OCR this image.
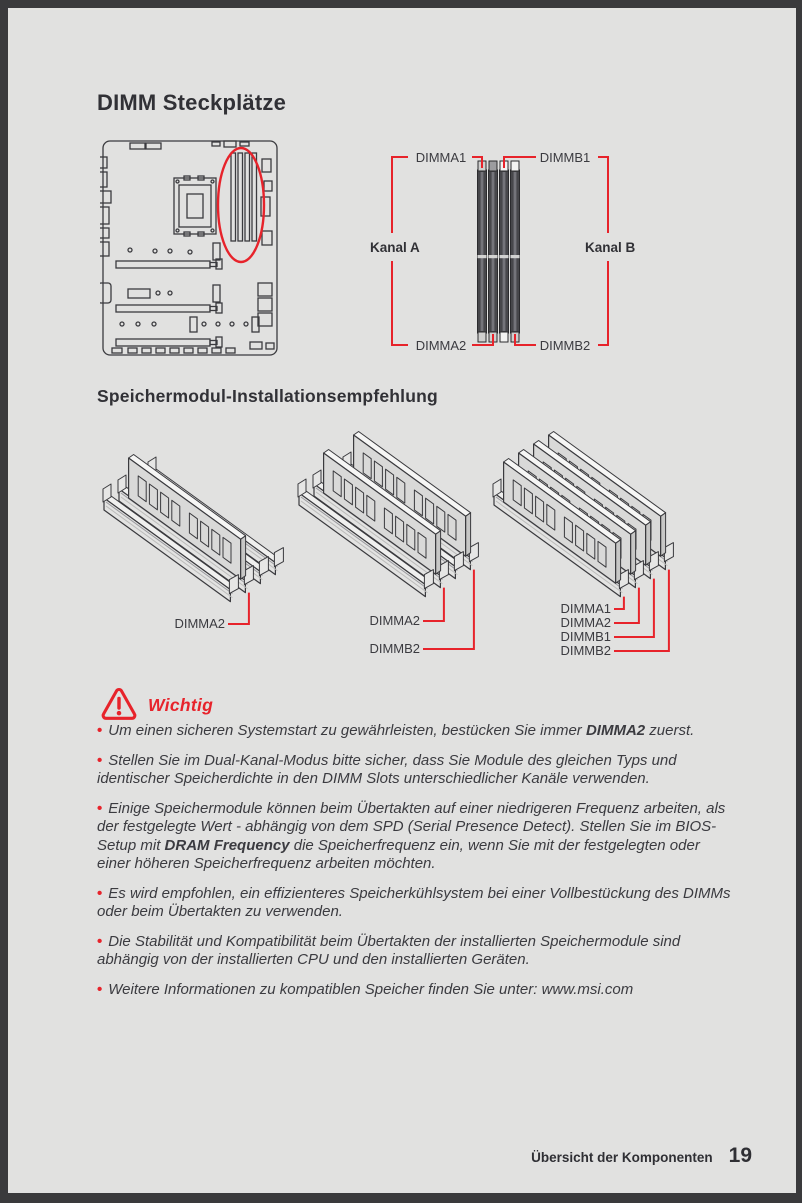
DIMM Steckplätze
DIMMA1	DIMMB1
DIMMA2	DIMMB2
Kanal A	Kanal B
Speichermodul-Installationsempfehlung
DIMMA2	DIMMA2
DIMMB2
DIMMA1
DIMMA2
DIMMB1
DIMMB2
Wichtig

• Um einen sicheren Systemstart zu gewährleisten, bestücken Sie immer DIMMA2 zuerst.

• Stellen Sie im Dual-Kanal-Modus bitte sicher, dass Sie Module des gleichen Typs und identischer Speicherdichte in den DIMM Slots unterschiedlicher Kanäle verwenden.

• Einige Speichermodule können beim Übertakten auf einer niedrigeren Frequenz arbeiten, als der festgelegte Wert - abhängig von dem SPD (Serial Presence Detect). Stellen Sie im BIOS-Setup mit DRAM Frequency die Speicherfrequenz ein, wenn Sie mit der festgelegten oder einer höheren Speicherfrequenz arbeiten möchten.

• Es wird empfohlen, ein effizienteres Speicherkühlsystem bei einer Vollbestückung des DIMMs oder beim Übertakten zu verwenden.

• Die Stabilität und Kompatibilität beim Übertakten der installierten Speichermodule sind abhängig von der installierten CPU und den installierten Geräten.

• Weitere Informationen zu kompatiblen Speicher finden Sie unter: www.msi.com

Übersicht der Komponenten 19
